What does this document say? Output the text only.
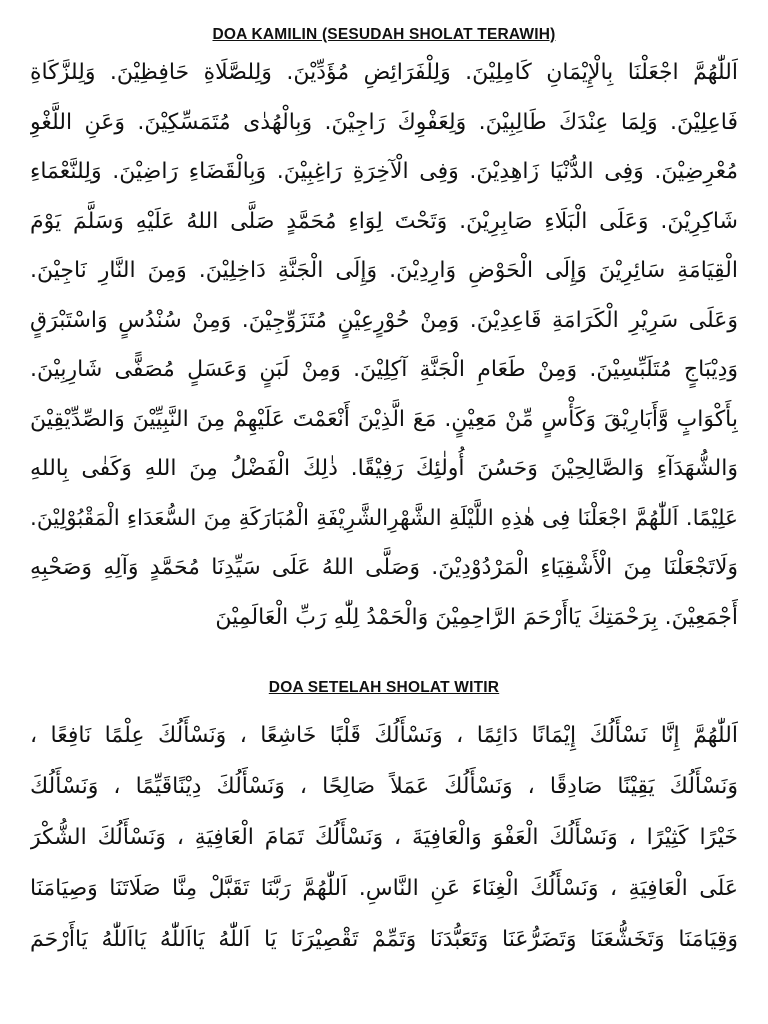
DOA KAMILIN (SESUDAH SHOLAT TERAWIH)
اَللّٰهُمَّ اجْعَلْنَا بِالْإِيْمَانِ كَامِلِيْنَ. وَلِلْفَرَائِضِ مُؤَدِّيْنَ. وَلِلصَّلَاةِ حَافِظِيْنَ. وَلِلزَّكَاةِ
فَاعِلِيْنَ. وَلِمَا عِنْدَكَ طَالِبِيْنَ. وَلِعَفْوِكَ رَاجِيْنَ. وَبِالْهُدٰى مُتَمَسِّكِيْنَ. وَعَنِ اللَّغْوِ
مُعْرِضِيْنَ. وَفِى الدُّنْيَا زَاهِدِيْنَ. وَفِى الْآخِرَةِ رَاغِبِيْنَ. وَبِالْقَضَاءِ رَاضِيْنَ. وَلِلنَّعْمَاءِ
شَاكِرِيْنَ. وَعَلَى الْبَلَاءِ صَابِرِيْنَ. وَتَحْتَ لِوَاءِ مُحَمَّدٍ صَلَّى اللهُ عَلَيْهِ وَسَلَّمَ يَوْمَ
الْقِيَامَةِ سَائِرِيْنَ وَإِلَى الْحَوْضِ وَارِدِيْنَ. وَإِلَى الْجَنَّةِ دَاخِلِيْنَ. وَمِنَ النَّارِ نَاجِيْنَ.
وَعَلَى سَرِيْرِ الْكَرَامَةِ قَاعِدِيْنَ. وَمِنْ حُوْرٍعِيْنٍ مُتَزَوِّجِيْنَ. وَمِنْ سُنْدُسٍ وَاسْتَبْرَقٍ
وَدِيْبَاجٍ مُتَلَبِّسِيْنَ. وَمِنْ طَعَامِ الْجَنَّةِ آكِلِيْنَ. وَمِنْ لَبَنٍ وَعَسَلٍ مُصَفًّى شَارِبِيْنَ.
بِأَكْوَابٍ وَّأَبَارِيْقَ وَكَأْسٍ مِّنْ مَعِيْنٍ. مَعَ الَّذِيْنَ أَنْعَمْتَ عَلَيْهِمْ مِنَ النَّبِيِّيْنَ وَالصِّدِّيْقِيْنَ
وَالشُّهَدَآءِ وَالصَّالِحِيْنَ وَحَسُنَ أُولٰئِكَ رَفِيْقًا. ذٰلِكَ الْفَضْلُ مِنَ اللهِ وَكَفٰى بِاللهِ
عَلِيْمًا. اَللّٰهُمَّ اجْعَلْنَا فِى هٰذِهِ اللَّيْلَةِ الشَّهْرِالشَّرِيْفَةِ الْمُبَارَكَةِ مِنَ السُّعَدَاءِ الْمَقْبُوْلِيْنَ.
وَلَاتَجْعَلْنَا مِنَ الْأَشْقِيَاءِ الْمَرْدُوْدِيْنَ. وَصَلَّى اللهُ عَلَى سَيِّدِنَا مُحَمَّدٍ وَآلِهِ وَصَحْبِهِ
أَجْمَعِيْنَ. بِرَحْمَتِكَ يَاأَرْحَمَ الرَّاحِمِيْنَ وَالْحَمْدُ لِلّٰهِ رَبِّ الْعَالَمِيْنَ
DOA SETELAH SHOLAT WITIR
اَللّٰهُمَّ إِنَّا نَسْأَلُكَ إِيْمَانًا دَائِمًا ، وَنَسْأَلُكَ قَلْبًا خَاشِعًا ، وَنَسْأَلُكَ عِلْمًا نَافِعًا ،
وَنَسْأَلُكَ يَقِيْنًا صَادِقًا ، وَنَسْأَلُكَ عَمَلاً صَالِحًا ، وَنَسْأَلُكَ دِيْنًاقَيِّمًا ، وَنَسْأَلُكَ
خَيْرًا كَثِيْرًا ، وَنَسْأَلُكَ الْعَفْوَ وَالْعَافِيَةَ ، وَنَسْأَلُكَ تَمَامَ الْعَافِيَةِ ، وَنَسْأَلُكَ الشُّكْرَ
عَلَى الْعَافِيَةِ ، وَنَسْأَلُكَ الْغِنَاءَ عَنِ النَّاسِ. اَللّٰهُمَّ رَبَّنَا تَقَبَّلْ مِنَّا صَلَاتَنَا وَصِيَامَنَا
وَقِيَامَنَا وَتَخَشُّعَنَا وَتَضَرُّعَنَا وَتَعَبُّدَنَا وَتَمِّمْ تَقْصِيْرَنَا يَا اَللّٰهُ يَااَللّٰهُ يَااَللّٰهُ يَاأَرْحَمَ
